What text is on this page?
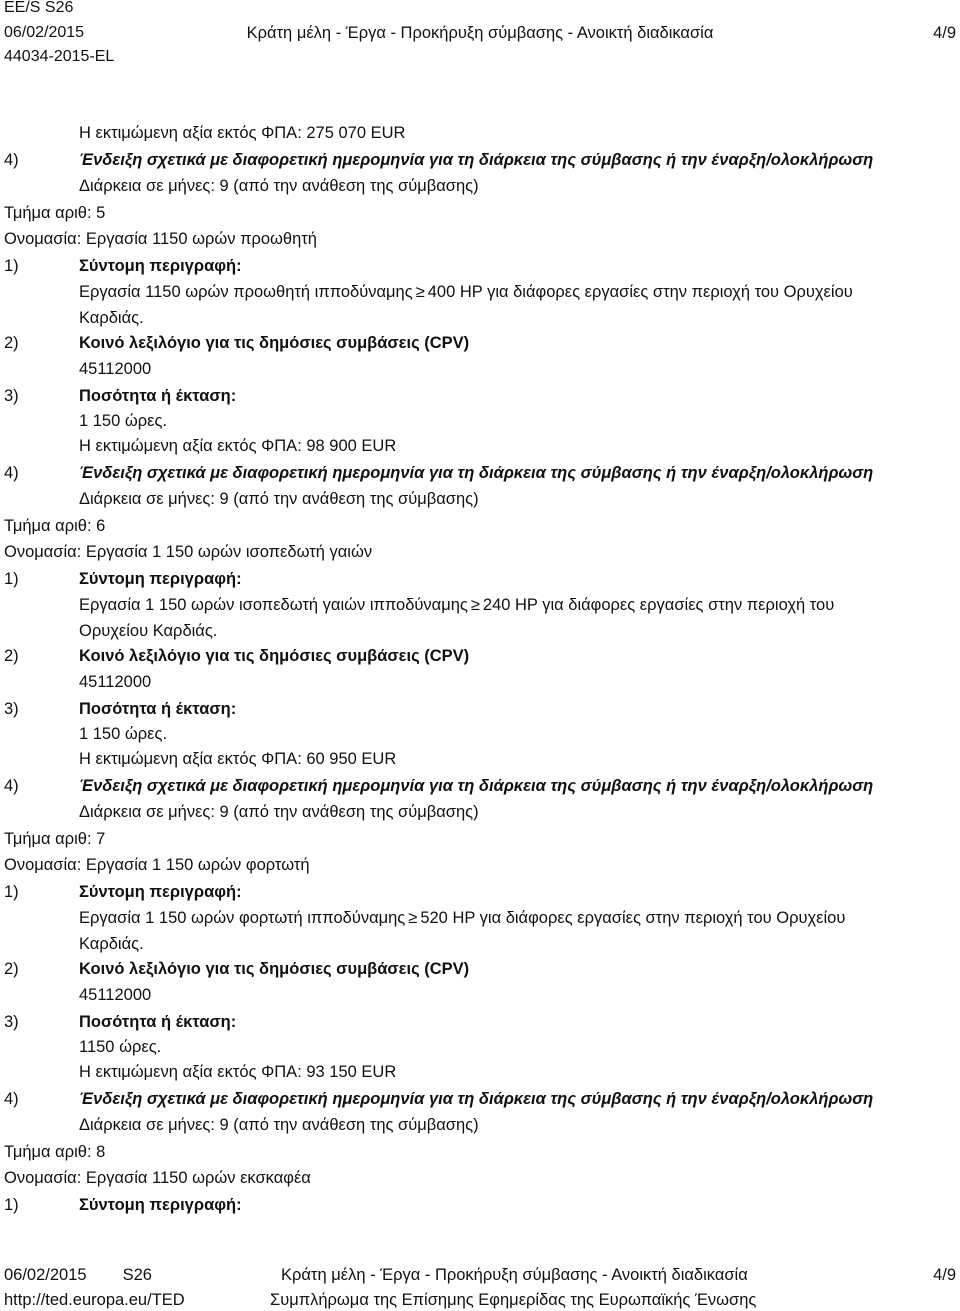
EE/S S26
06/02/2015
44034-2015-EL
Κράτη μέλη - Έργα - Προκήρυξη σύμβασης - Ανοικτή διαδικασία	4/9
Η εκτιμώμενη αξία εκτός ΦΠΑ: 275 070 EUR
4)	Ένδειξη σχετικά με διαφορετική ημερομηνία για τη διάρκεια της σύμβασης ή την έναρξη/ολοκλήρωση
Διάρκεια σε μήνες: 9 (από την ανάθεση της σύμβασης)
Τμήμα αριθ: 5
Ονομασία: Εργασία 1150 ωρών προωθητή
1)	Σύντομη περιγραφή:
Εργασία 1150 ωρών προωθητή ιπποδύναμης ≥ 400 HP για διάφορες εργασίες στην περιοχή του Ορυχείου
Καρδιάς.
2)	Κοινό λεξιλόγιο για τις δημόσιες συμβάσεις (CPV)
45112000
3)	Ποσότητα ή έκταση:
1 150 ώρες.
Η εκτιμώμενη αξία εκτός ΦΠΑ: 98 900 EUR
4)	Ένδειξη σχετικά με διαφορετική ημερομηνία για τη διάρκεια της σύμβασης ή την έναρξη/ολοκλήρωση
Διάρκεια σε μήνες: 9 (από την ανάθεση της σύμβασης)
Τμήμα αριθ: 6
Ονομασία: Εργασία 1 150 ωρών ισοπεδωτή γαιών
1)	Σύντομη περιγραφή:
Εργασία 1 150 ωρών ισοπεδωτή γαιών ιπποδύναμης ≥ 240 HP για διάφορες εργασίες στην περιοχή του
Ορυχείου Καρδιάς.
2)	Κοινό λεξιλόγιο για τις δημόσιες συμβάσεις (CPV)
45112000
3)	Ποσότητα ή έκταση:
1 150 ώρες.
Η εκτιμώμενη αξία εκτός ΦΠΑ: 60 950 EUR
4)	Ένδειξη σχετικά με διαφορετική ημερομηνία για τη διάρκεια της σύμβασης ή την έναρξη/ολοκλήρωση
Διάρκεια σε μήνες: 9 (από την ανάθεση της σύμβασης)
Τμήμα αριθ: 7
Ονομασία: Εργασία 1 150 ωρών φορτωτή
1)	Σύντομη περιγραφή:
Εργασία 1 150 ωρών φορτωτή ιπποδύναμης ≥ 520 HP για διάφορες εργασίες στην περιοχή του Ορυχείου
Καρδιάς.
2)	Κοινό λεξιλόγιο για τις δημόσιες συμβάσεις (CPV)
45112000
3)	Ποσότητα ή έκταση:
1150 ώρες.
Η εκτιμώμενη αξία εκτός ΦΠΑ: 93 150 EUR
4)	Ένδειξη σχετικά με διαφορετική ημερομηνία για τη διάρκεια της σύμβασης ή την έναρξη/ολοκλήρωση
Διάρκεια σε μήνες: 9 (από την ανάθεση της σύμβασης)
Τμήμα αριθ: 8
Ονομασία: Εργασία 1150 ωρών εκσκαφέα
1)	Σύντομη περιγραφή:
06/02/2015 S26
http://ted.europa.eu/TED
Κράτη μέλη - Έργα - Προκήρυξη σύμβασης - Ανοικτή διαδικασία
Συμπλήρωμα της Επίσημης Εφημερίδας της Ευρωπαϊκής Ένωσης
4/9
